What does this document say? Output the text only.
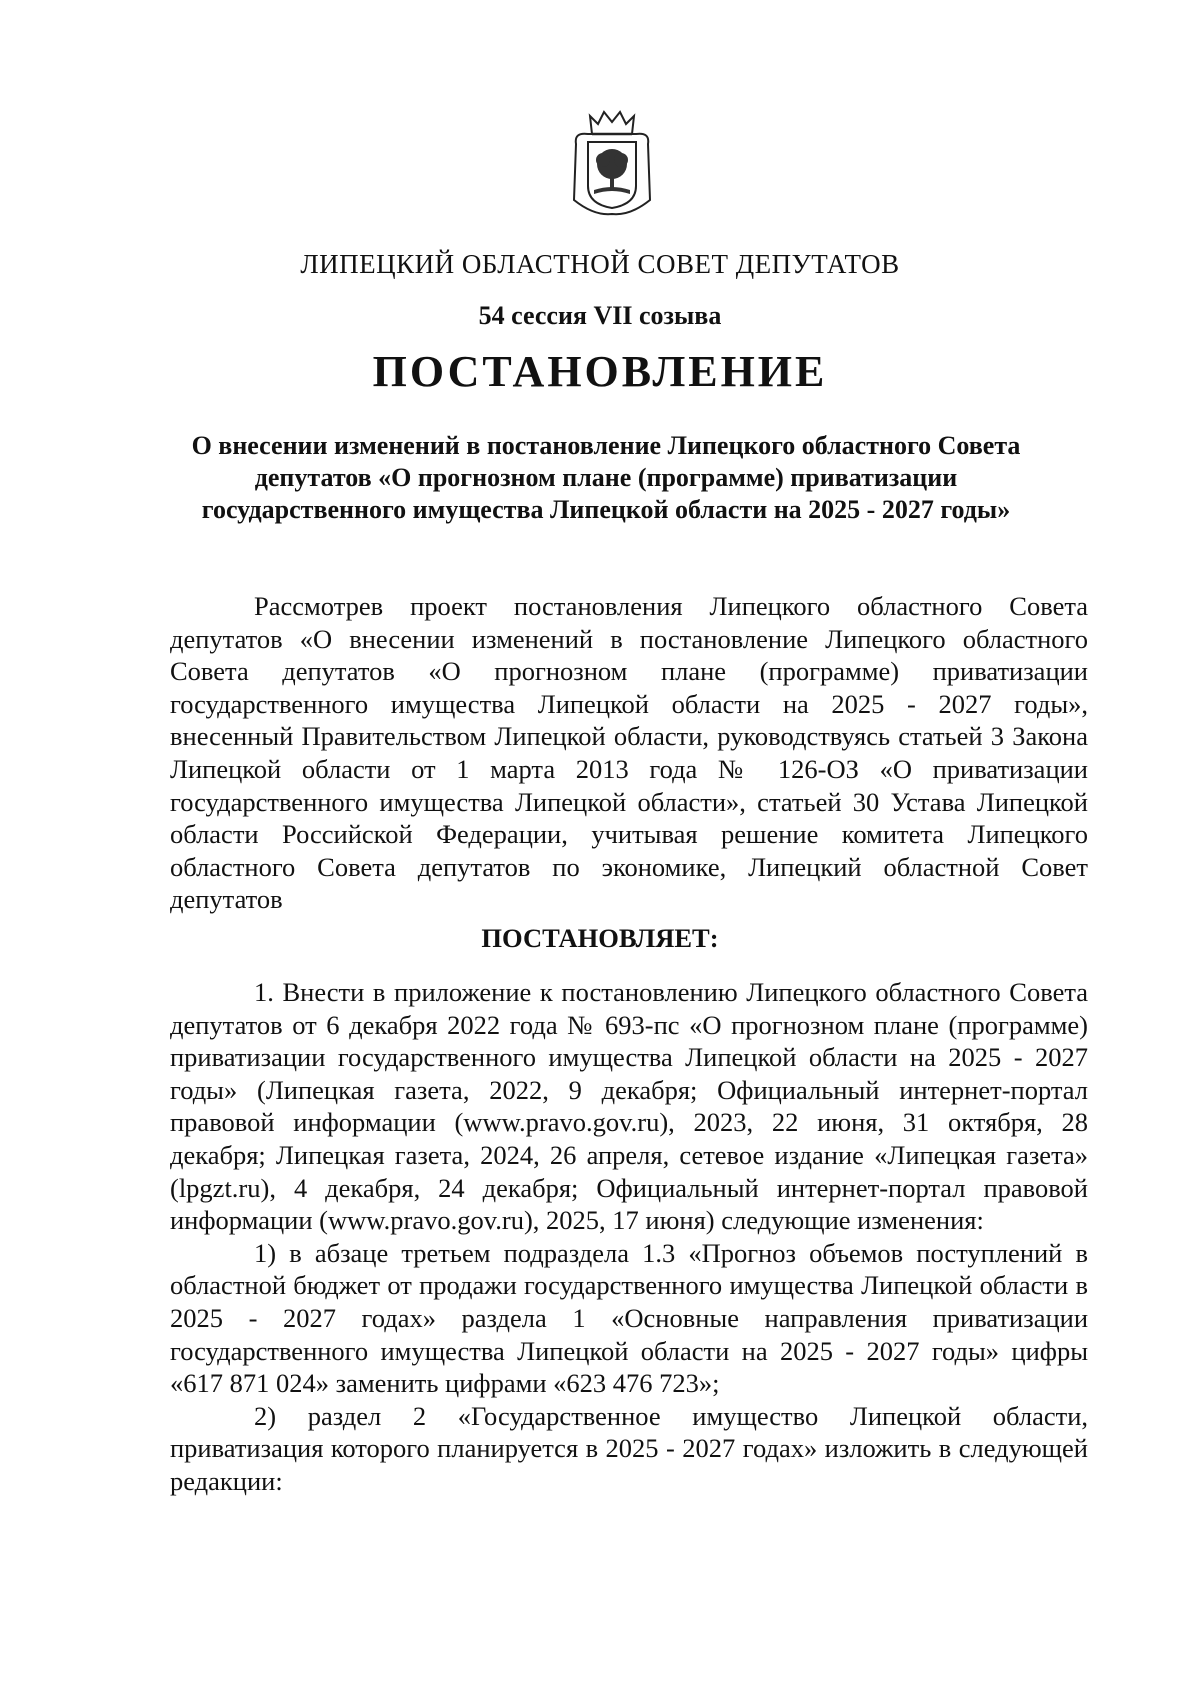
ЛИПЕЦКИЙ ОБЛАСТНОЙ СОВЕТ ДЕПУТАТОВ
54 сессия VII созыва
ПОСТАНОВЛЕНИЕ
О внесении изменений в постановление Липецкого областного Совета
депутатов «О прогнозном плане (программе) приватизации
государственного имущества Липецкой области на 2025 - 2027 годы»

Рассмотрев проект постановления Липецкого областного Совета депутатов «О внесении изменений в постановление Липецкого областного Совета депутатов «О прогнозном плане (программе) приватизации государственного имущества Липецкой области на 2025 - 2027 годы», внесенный Правительством Липецкой области, руководствуясь статьей 3 Закона Липецкой области от 1 марта 2013 года № 126-ОЗ «О приватизации государственного имущества Липецкой области», статьей 30 Устава Липецкой области Российской Федерации, учитывая решение комитета Липецкого областного Совета депутатов по экономике, Липецкий областной Совет депутатов

ПОСТАНОВЛЯЕТ:

1. Внести в приложение к постановлению Липецкого областного Совета депутатов от 6 декабря 2022 года № 693-пс «О прогнозном плане (программе) приватизации государственного имущества Липецкой области на 2025 - 2027 годы» (Липецкая газета, 2022, 9 декабря; Официальный интернет-портал правовой информации (www.pravo.gov.ru), 2023, 22 июня, 31 октября, 28 декабря; Липецкая газета, 2024, 26 апреля, сетевое издание «Липецкая газета» (lpgzt.ru), 4 декабря, 24 декабря; Официальный интернет-портал правовой информации (www.pravo.gov.ru), 2025, 17 июня) следующие изменения:

1) в абзаце третьем подраздела 1.3 «Прогноз объемов поступлений в областной бюджет от продажи государственного имущества Липецкой области в 2025 - 2027 годах» раздела 1 «Основные направления приватизации государственного имущества Липецкой области на 2025 - 2027 годы» цифры «617 871 024» заменить цифрами «623 476 723»;

2) раздел 2 «Государственное имущество Липецкой области, приватизация которого планируется в 2025 - 2027 годах» изложить в следующей редакции:
